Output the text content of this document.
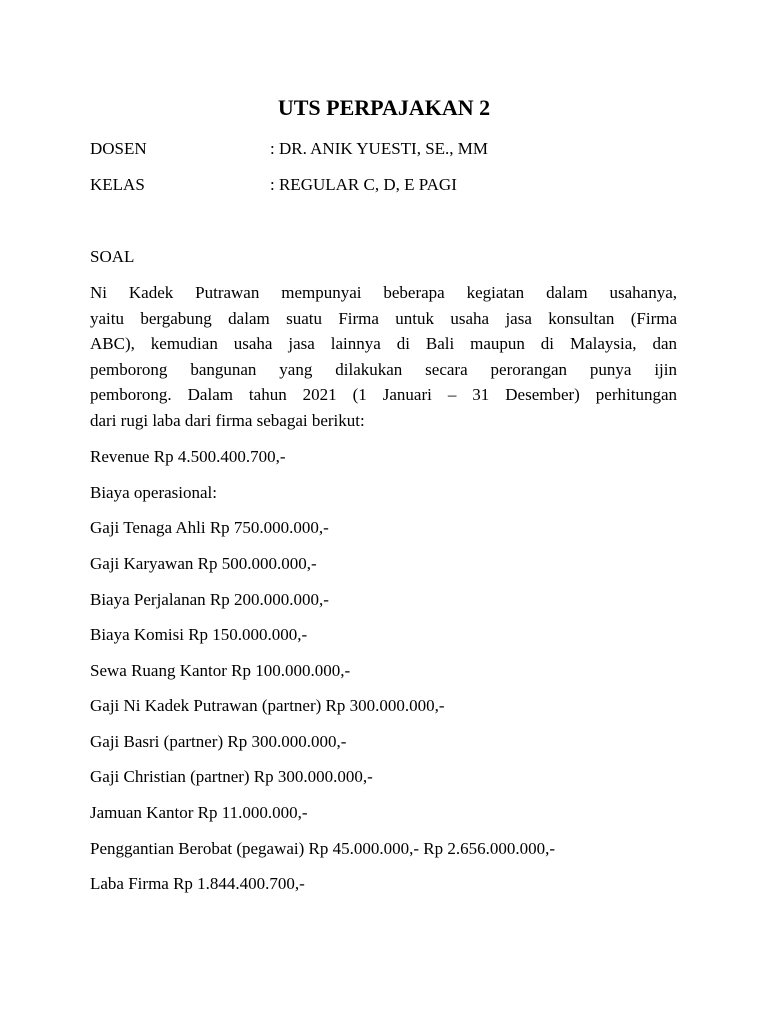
UTS PERPAJAKAN 2
DOSEN	: DR. ANIK YUESTI, SE., MM
KELAS	: REGULAR C, D, E PAGI
SOAL
Ni Kadek Putrawan mempunyai beberapa kegiatan dalam usahanya,
yaitu bergabung dalam suatu Firma untuk usaha jasa konsultan (Firma
ABC), kemudian usaha jasa lainnya di Bali maupun di Malaysia, dan
pemborong bangunan yang dilakukan secara perorangan punya ijin
pemborong. Dalam tahun 2021 (1 Januari – 31 Desember) perhitungan
dari rugi laba dari firma sebagai berikut:
Revenue Rp 4.500.400.700,-
Biaya operasional:
Gaji Tenaga Ahli Rp 750.000.000,-
Gaji Karyawan Rp 500.000.000,-
Biaya Perjalanan Rp 200.000.000,-
Biaya Komisi Rp 150.000.000,-
Sewa Ruang Kantor Rp 100.000.000,-
Gaji Ni Kadek Putrawan (partner) Rp 300.000.000,-
Gaji Basri (partner) Rp 300.000.000,-
Gaji Christian (partner) Rp 300.000.000,-
Jamuan Kantor Rp 11.000.000,-
Penggantian Berobat (pegawai) Rp 45.000.000,- Rp 2.656.000.000,-
Laba Firma Rp 1.844.400.700,-
